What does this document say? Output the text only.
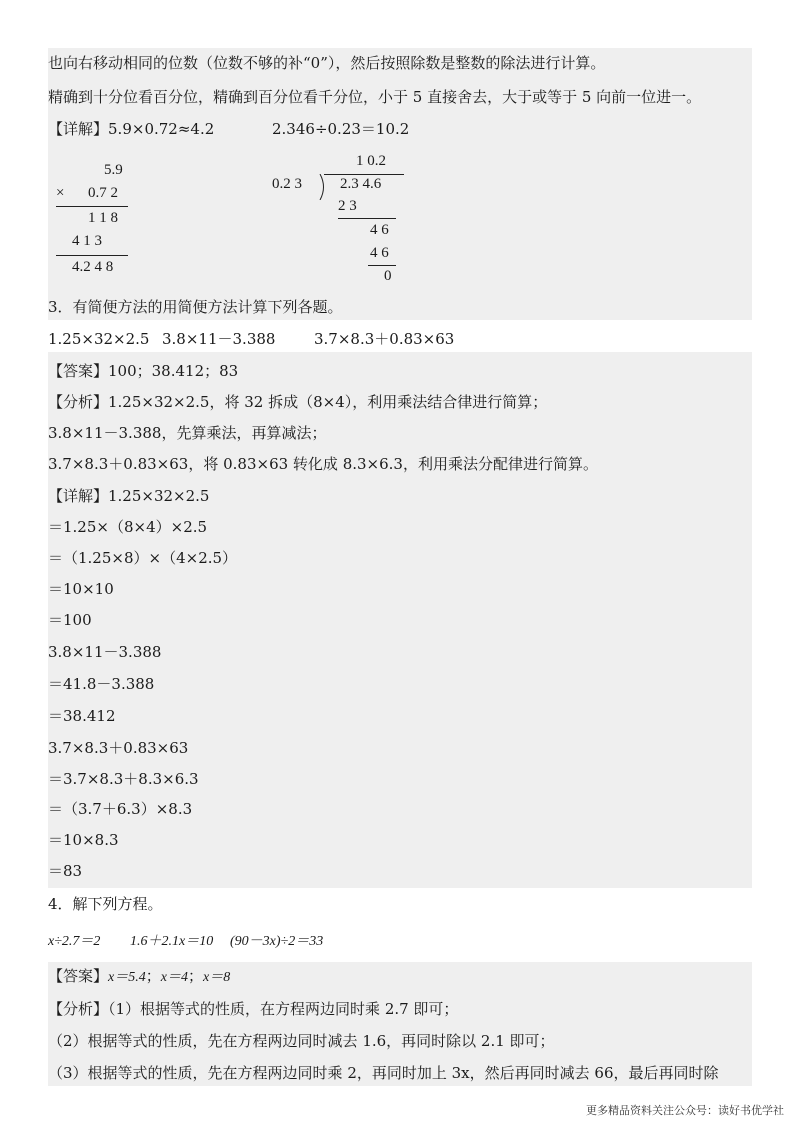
也向右移动相同的位数（位数不够的补“0”），然后按照除数是整数的除法进行计算。
精确到十分位看百分位，精确到百分位看千分位，小于 5 直接舍去，大于或等于 5 向前一位进一。
【详解】5.9×0.72≈4.2	2.346÷0.23＝10.2
5.9
× 0.7 2
1 1 8
4 1 3
4.2 4 8
1 0.2
0.2 3	2.3 4.6
2 3
4 6
4 6
0
3．有简便方法的用简便方法计算下列各题。
1.25×32×2.5 3.8×11－3.388	3.7×8.3＋0.83×63
【答案】100；38.412；83
【分析】1.25×32×2.5，将 32 拆成（8×4），利用乘法结合律进行简算；
3.8×11－3.388，先算乘法，再算减法；
3.7×8.3＋0.83×63，将 0.83×63 转化成 8.3×6.3，利用乘法分配律进行简算。
【详解】1.25×32×2.5
＝1.25×（8×4）×2.5
＝（1.25×8）×（4×2.5）
＝10×10
＝100
3.8×11－3.388
＝41.8－3.388
＝38.412
3.7×8.3＋0.83×63
＝3.7×8.3＋8.3×6.3
＝（3.7＋6.3）×8.3
＝10×8.3
＝83
4．解下列方程。
x÷2.7＝2 1.6＋2.1x＝10 (90－3x)÷2＝33
【答案】x＝5.4；x＝4；x＝8
【分析】（1）根据等式的性质，在方程两边同时乘 2.7 即可；
（2）根据等式的性质，先在方程两边同时减去 1.6，再同时除以 2.1 即可；
（3）根据等式的性质，先在方程两边同时乘 2，再同时加上 3x，然后再同时减去 66，最后再同时除
更多精品资料关注公众号：读好书优学社
